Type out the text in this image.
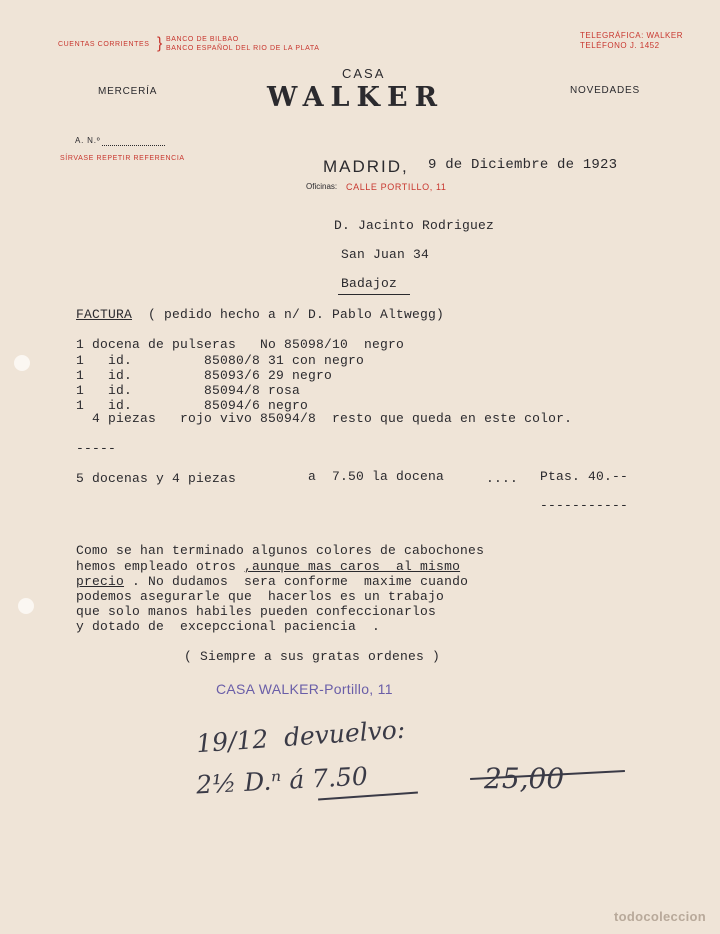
CUENTAS CORRIENTES } BANCO DE BILBAO
BANCO ESPAÑOL DEL RIO DE LA PLATA
TELEGRÁFICA: WALKER
TELÉFONO J. 1452
CASA
WALKER
MERCERÍA	NOVEDADES
A. N.º
SÍRVASE REPETIR REFERENCIA	MADRID, 9 de Diciembre de 1923
Oficinas: CALLE PORTILLO, 11
D. Jacinto Rodriguez
San Juan 34
Badajoz
FACTURA ( pedido hecho a n/ D. Pablo Altwegg)
1 docena de pulseras   No 85098/10  negro
1   id.         85080/8 31 con negro
1   id.         85093/6 29 negro
1   id.         85094/8 rosa
1   id.         85094/6 negro
4 piezas   rojo vivo 85094/8  resto que queda en este color.
-----
5 docenas y 4 piezas	a  7.50 la docena	.... Ptas. 40.--
-----------
Como se han terminado algunos colores de cabochones
hemos empleado otros ,aunque mas caros  al mismo
precio . No dudamos  sera conforme  maxime cuando
podemos asegurarle que  hacerlos es un trabajo
que solo manos habiles pueden confeccionarlos
y dotado de  excepccional paciencia  .
( Siempre a sus gratas ordenes )
CASA WALKER-Portillo, 11
19/12  devuelvo:
2½ D.ⁿ á 7.50	25,00
todocoleccion
